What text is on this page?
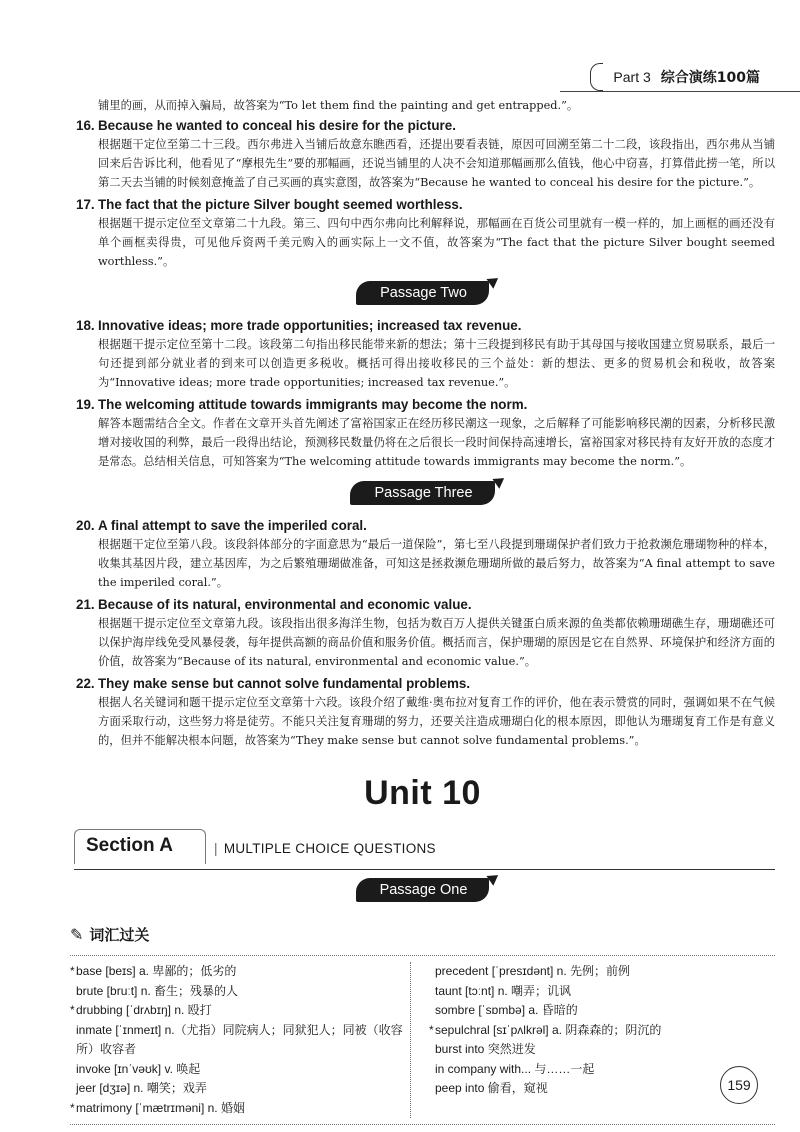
Part 3 综合演练100篇
铺里的画，从而掉入骗局，故答案为“To let them find the painting and get entrapped.”。
16. Because he wanted to conceal his desire for the picture.
根据题干定位至第二十三段。西尔弗进入当铺后故意东瞧西看，还提出要看表链，原因可回溯至第二十二段，该段指出，西尔弗从当铺回来后告诉比利，他看见了“摩根先生”要的那幅画，还说当铺里的人决不会知道那幅画那么值钱，他心中窃喜，打算借此捞一笔，所以第二天去当铺的时候刻意掩盖了自己买画的真实意图，故答案为“Because he wanted to conceal his desire for the picture.”。
17. The fact that the picture Silver bought seemed worthless.
根据题干提示定位至文章第二十九段。第三、四句中西尔弗向比利解释说，那幅画在百货公司里就有一模一样的，加上画框的画还没有单个画框卖得贵，可见他斥资两千美元购入的画实际上一文不值，故答案为“The fact that the picture Silver bought seemed worthless.”。
Passage Two
18. Innovative ideas; more trade opportunities; increased tax revenue.
根据题干提示定位至第十二段。该段第二句指出移民能带来新的想法；第十三段提到移民有助于其母国与接收国建立贸易联系，最后一句还提到部分就业者的到来可以创造更多税收。概括可得出接收移民的三个益处：新的想法、更多的贸易机会和税收，故答案为“Innovative ideas; more trade opportunities; increased tax revenue.”。
19. The welcoming attitude towards immigrants may become the norm.
解答本题需结合全文。作者在文章开头首先阐述了富裕国家正在经历移民潮这一现象，之后解释了可能影响移民潮的因素，分析移民激增对接收国的利弊，最后一段得出结论，预测移民数量仍将在之后很长一段时间保持高速增长，富裕国家对移民持有友好开放的态度才是常态。总结相关信息，可知答案为“The welcoming attitude towards immigrants may become the norm.”。
Passage Three
20. A final attempt to save the imperiled coral.
根据题干定位至第八段。该段斜体部分的字面意思为“最后一道保险”，第七至八段提到珊瑚保护者们致力于抢救濒危珊瑚物种的样本，收集其基因片段，建立基因库，为之后繁殖珊瑚做准备，可知这是拯救濒危珊瑚所做的最后努力，故答案为“A final attempt to save the imperiled coral.”。
21. Because of its natural, environmental and economic value.
根据题干提示定位至文章第九段。该段指出很多海洋生物，包括为数百万人提供关键蛋白质来源的鱼类都依赖珊瑚礁生存，珊瑚礁还可以保护海岸线免受风暴侵袭，每年提供高额的商品价值和服务价值。概括而言，保护珊瑚的原因是它在自然界、环境保护和经济方面的价值，故答案为“Because of its natural, environmental and economic value.”。
22. They make sense but cannot solve fundamental problems.
根据人名关键词和题干提示定位至文章第十六段。该段介绍了戴维·奥布拉对复育工作的评价，他在表示赞赏的同时，强调如果不在气候方面采取行动，这些努力将是徒劳。不能只关注复育珊瑚的努力，还要关注造成珊瑚白化的根本原因，即他认为珊瑚复育工作是有意义的，但并不能解决根本问题，故答案为“They make sense but cannot solve fundamental problems.”。
Unit 10
Section A
|	MULTIPLE CHOICE QUESTIONS
Passage One
✎ 词汇过关
*base [beɪs] a. 卑鄙的；低劣的
brute [bruːt] n. 畜生；残暴的人
*drubbing [ˈdrʌbɪŋ] n. 殴打
inmate [ˈɪnmeɪt] n.（尤指）同院病人；同狱犯人；同被（收容所）收容者
invoke [ɪnˈvəʊk] v. 唤起
jeer [dʒɪə] n. 嘲笑；戏弄
*matrimony [ˈmætrɪməni] n. 婚姻
precedent [ˈpresɪdənt] n. 先例；前例
taunt [tɔːnt] n. 嘲弄；讥讽
sombre [ˈsɒmbə] a. 昏暗的
*sepulchral [sɪˈpʌlkrəl] a. 阴森森的；阴沉的
burst into 突然迸发
in company with... 与……一起
peep into 偷看，窥视	159
